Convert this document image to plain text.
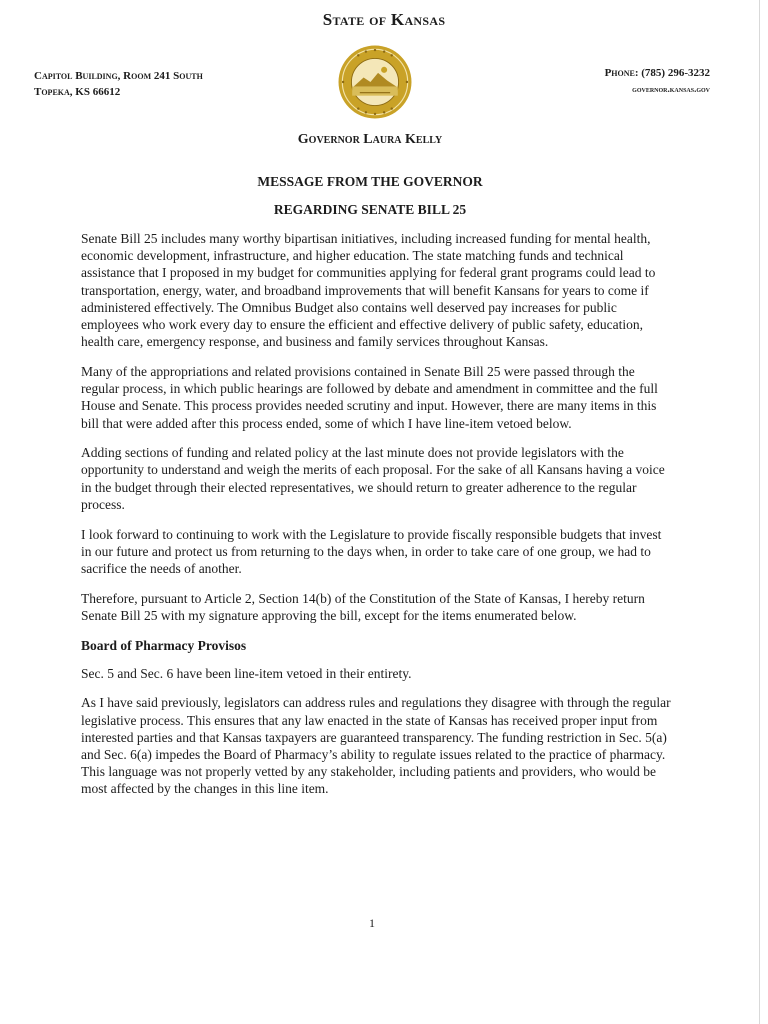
State of Kansas
Capitol Building, Room 241 South
Topeka, KS 66612
Phone: (785) 296-3232
governor.kansas.gov
Governor Laura Kelly
MESSAGE FROM THE GOVERNOR
REGARDING SENATE BILL 25

Senate Bill 25 includes many worthy bipartisan initiatives, including increased funding for mental health, economic development, infrastructure, and higher education. The state matching funds and technical assistance that I proposed in my budget for communities applying for federal grant programs could lead to transportation, energy, water, and broadband improvements that will benefit Kansans for years to come if administered effectively. The Omnibus Budget also contains well deserved pay increases for public employees who work every day to ensure the efficient and effective delivery of public safety, education, health care, emergency response, and business and family services throughout Kansas.

Many of the appropriations and related provisions contained in Senate Bill 25 were passed through the regular process, in which public hearings are followed by debate and amendment in committee and the full House and Senate. This process provides needed scrutiny and input. However, there are many items in this bill that were added after this process ended, some of which I have line-item vetoed below.

Adding sections of funding and related policy at the last minute does not provide legislators with the opportunity to understand and weigh the merits of each proposal. For the sake of all Kansans having a voice in the budget through their elected representatives, we should return to greater adherence to the regular process.

I look forward to continuing to work with the Legislature to provide fiscally responsible budgets that invest in our future and protect us from returning to the days when, in order to take care of one group, we had to sacrifice the needs of another.

Therefore, pursuant to Article 2, Section 14(b) of the Constitution of the State of Kansas, I hereby return Senate Bill 25 with my signature approving the bill, except for the items enumerated below.

Board of Pharmacy Provisos

Sec. 5 and Sec. 6 have been line-item vetoed in their entirety.

As I have said previously, legislators can address rules and regulations they disagree with through the regular legislative process. This ensures that any law enacted in the state of Kansas has received proper input from interested parties and that Kansas taxpayers are guaranteed transparency. The funding restriction in Sec. 5(a) and Sec. 6(a) impedes the Board of Pharmacy’s ability to regulate issues related to the practice of pharmacy. This language was not properly vetted by any stakeholder, including patients and providers, who would be most affected by the changes in this line item.

1
